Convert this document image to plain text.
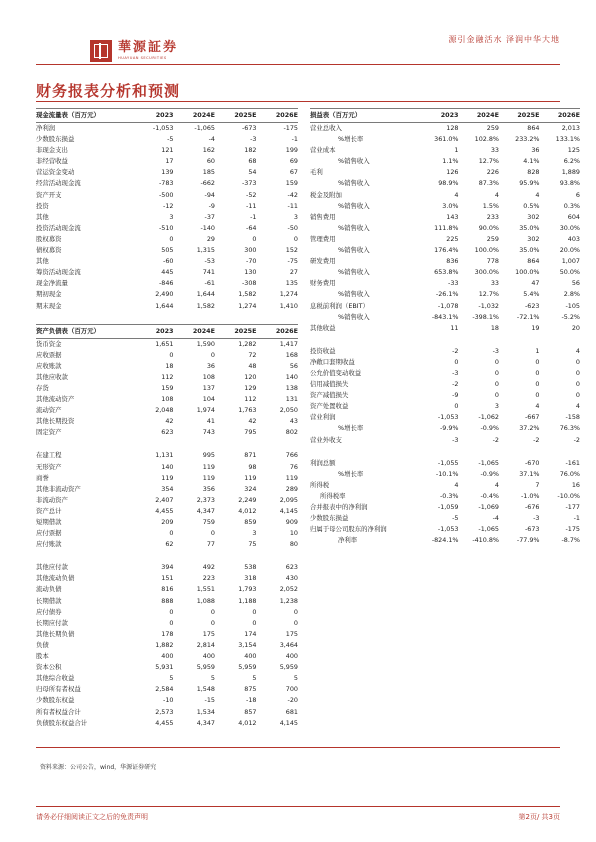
華源証券
HUAYUAN SECURITIES
源引金融活水 泽润中华大地
财务报表分析和预测
现金流量表（百万元）	2023	2024E	2025E	2026E
净利润	-1,053	-1,065	-673	-175
少数股东损益	-5	-4	-3	-1
非现金支出	121	162	182	199
非经营收益	17	60	68	69
营运资金变动	139	185	54	67
经营活动现金流	-783	-662	-373	159
资产开支	-500	-94	-52	-42
投资	-12	-9	-11	-11
其他	3	-37	-1	3
投资活动现金流	-510	-140	-64	-50
股权募资	0	29	0	0
债权募资	505	1,315	300	152
其他	-60	-53	-70	-75
筹资活动现金流	445	741	130	27
现金净流量	-846	-61	-308	135
期初现金	2,490	1,644	1,582	1,274
期末现金	1,644	1,582	1,274	1,410
资产负债表（百万元）	2023	2024E	2025E	2026E
货币资金	1,651	1,590	1,282	1,417
应收票据	0	0	72	168
应收账款	18	36	48	56
其他应收款	112	108	120	140
存货	159	137	129	138
其他流动资产	108	104	112	131
流动资产	2,048	1,974	1,763	2,050
其他长期投资	42	41	42	43
固定资产	623	743	795	802

在建工程	1,131	995	871	766
无形资产	140	119	98	76
商誉	119	119	119	119
其他非流动资产	354	356	324	289
非流动资产	2,407	2,373	2,249	2,095
资产总计	4,455	4,347	4,012	4,145
短期借款	209	759	859	909
应付票据	0	0	3	10
应付账款	62	77	75	80

其他应付款	394	492	538	623
其他流动负债	151	223	318	430
流动负债	816	1,551	1,793	2,052
长期借款	888	1,088	1,188	1,238
应付债券	0	0	0	0
长期应付款	0	0	0	0
其他长期负债	178	175	174	175
负债	1,882	2,814	3,154	3,464
股本	400	400	400	400
资本公积	5,931	5,959	5,959	5,959
其他综合收益	5	5	5	5
归母所有者权益	2,584	1,548	875	700
少数股东权益	-10	-15	-18	-20
所有者权益合计	2,573	1,534	857	681
负债股东权益合计	4,455	4,347	4,012	4,145
损益表（百万元）	2023	2024E	2025E	2026E
营业总收入	128	259	864	2,013
%增长率	361.0%	102.8%	233.2%	133.1%
营业成本	1	33	36	125
%销售收入	1.1%	12.7%	4.1%	6.2%
毛利	126	226	828	1,889
%销售收入	98.9%	87.3%	95.9%	93.8%
税金及附加	4	4	4	6
%销售收入	3.0%	1.5%	0.5%	0.3%
销售费用	143	233	302	604
%销售收入	111.8%	90.0%	35.0%	30.0%
管理费用	225	259	302	403
%销售收入	176.4%	100.0%	35.0%	20.0%
研发费用	836	778	864	1,007
%销售收入	653.8%	300.0%	100.0%	50.0%
财务费用	-33	33	47	56
%销售收入	-26.1%	12.7%	5.4%	2.8%
息税前利润（EBIT）	-1,078	-1,032	-623	-105
%销售收入	-843.1%	-398.1%	-72.1%	-5.2%
其他收益	11	18	19	20

投资收益	-2	-3	1	4
净敞口套期收益	0	0	0	0
公允价值变动收益	-3	0	0	0
信用减值损失	-2	0	0	0
资产减值损失	-9	0	0	0
资产处置收益	0	3	4	4
营业利润	-1,053	-1,062	-667	-158
%增长率	-9.9%	-0.9%	37.2%	76.3%
营业外收支	-3	-2	-2	-2

利润总额	-1,055	-1,065	-670	-161
%增长率	-10.1%	-0.9%	37.1%	76.0%
所得税	4	4	7	16
所得税率	-0.3%	-0.4%	-1.0%	-10.0%
合并报表中的净利润	-1,059	-1,069	-676	-177
少数股东损益	-5	-4	-3	-1
归属于母公司股东的净利润	-1,053	-1,065	-673	-175
净利率	-824.1%	-410.8%	-77.9%	-8.7%
资料来源：公司公告，wind，华源证券研究
请务必仔细阅读正文之后的免责声明	第2页/ 共3页
